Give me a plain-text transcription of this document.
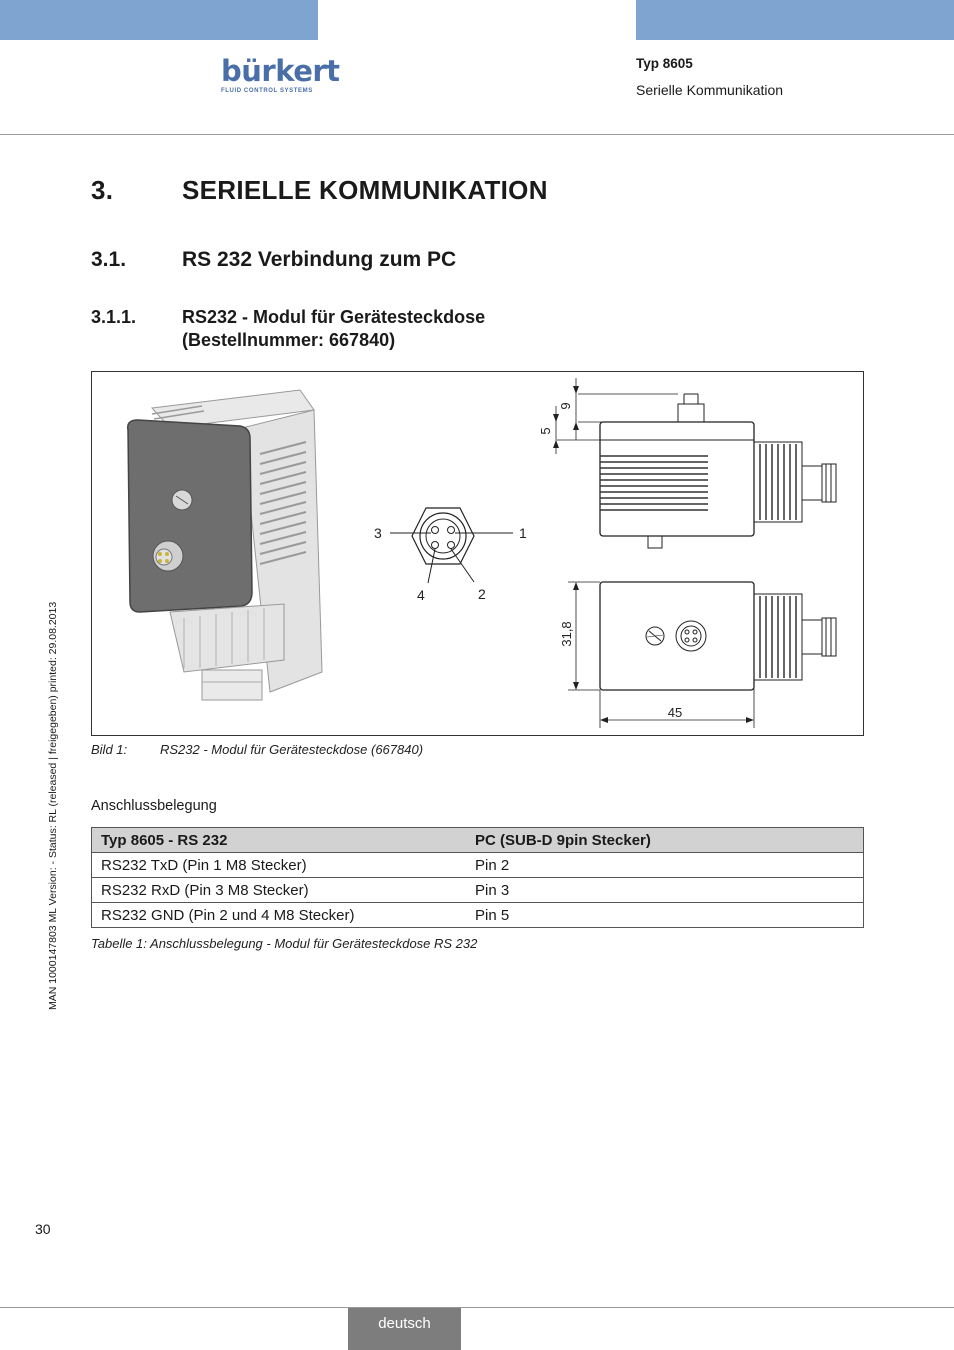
bürkert
FLUID CONTROL SYSTEMS
Typ 8605
Serielle Kommunikation
3.	SERIELLE KOMMUNIKATION
3.1.	RS 232 Verbindung zum PC
3.1.1.	RS232 - Modul für Gerätesteckdose
(Bestellnummer: 667840)
3	1
4	2
9
5
31,8
45
Bild 1:	RS232 - Modul für Gerätesteckdose (667840)
Anschlussbelegung
Typ 8605 - RS 232	PC (SUB-D 9pin Stecker)
RS232 TxD (Pin 1 M8 Stecker)	Pin 2
RS232 RxD (Pin 3 M8 Stecker)	Pin 3
RS232 GND (Pin 2 und 4 M8 Stecker)	Pin 5
Tabelle 1: Anschlussbelegung - Modul für Gerätesteckdose RS 232
MAN 1000147803 ML Version: - Status: RL (released | freigegeben) printed: 29.08.2013
30
deutsch
